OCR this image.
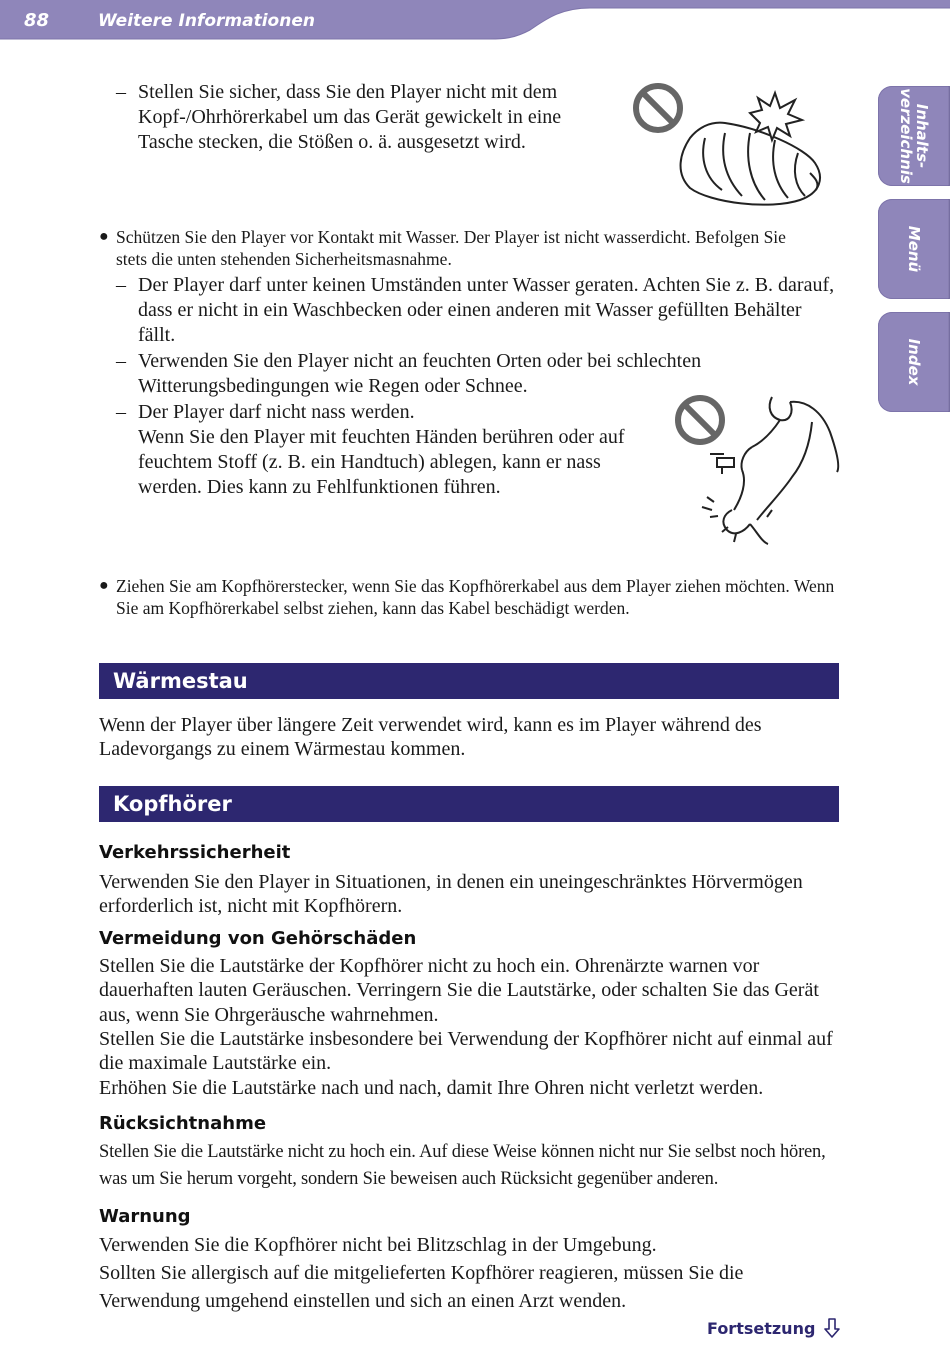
88	Weitere Informationen
Inhalts-
verzeichnis
Menü
Index
– Stellen Sie sicher, dass Sie den Player nicht mit dem Kopf-/Ohrhörerkabel um das Gerät gewickelt in eine Tasche stecken, die Stößen o. ä. ausgesetzt wird.
● Schützen Sie den Player vor Kontakt mit Wasser. Der Player ist nicht wasserdicht. Befolgen Sie stets die unten stehenden Sicherheitsmasnahme.
– Der Player darf unter keinen Umständen unter Wasser geraten. Achten Sie z. B. darauf, dass er nicht in ein Waschbecken oder einen anderen mit Wasser gefüllten Behälter fällt.
– Verwenden Sie den Player nicht an feuchten Orten oder bei schlechten Witterungsbedingungen wie Regen oder Schnee.
– Der Player darf nicht nass werden.
Wenn Sie den Player mit feuchten Händen berühren oder auf feuchtem Stoff (z. B. ein Handtuch) ablegen, kann er nass werden. Dies kann zu Fehlfunktionen führen.
● Ziehen Sie am Kopfhörerstecker, wenn Sie das Kopfhörerkabel aus dem Player ziehen möchten. Wenn Sie am Kopfhörerkabel selbst ziehen, kann das Kabel beschädigt werden.
Wärmestau
Wenn der Player über längere Zeit verwendet wird, kann es im Player während des Ladevorgangs zu einem Wärmestau kommen.
Kopfhörer
Verkehrssicherheit
Verwenden Sie den Player in Situationen, in denen ein uneingeschränktes Hörvermögen erforderlich ist, nicht mit Kopfhörern.
Vermeidung von Gehörschäden
Stellen Sie die Lautstärke der Kopfhörer nicht zu hoch ein. Ohrenärzte warnen vor dauerhaften lauten Geräuschen. Verringern Sie die Lautstärke, oder schalten Sie das Gerät aus, wenn Sie Ohrgeräusche wahrnehmen.
Stellen Sie die Lautstärke insbesondere bei Verwendung der Kopfhörer nicht auf einmal auf die maximale Lautstärke ein.
Erhöhen Sie die Lautstärke nach und nach, damit Ihre Ohren nicht verletzt werden.
Rücksichtnahme
Stellen Sie die Lautstärke nicht zu hoch ein. Auf diese Weise können nicht nur Sie selbst noch hören, was um Sie herum vorgeht, sondern Sie beweisen auch Rücksicht gegenüber anderen.
Warnung
Verwenden Sie die Kopfhörer nicht bei Blitzschlag in der Umgebung.
Sollten Sie allergisch auf die mitgelieferten Kopfhörer reagieren, müssen Sie die Verwendung umgehend einstellen und sich an einen Arzt wenden.
Fortsetzung
